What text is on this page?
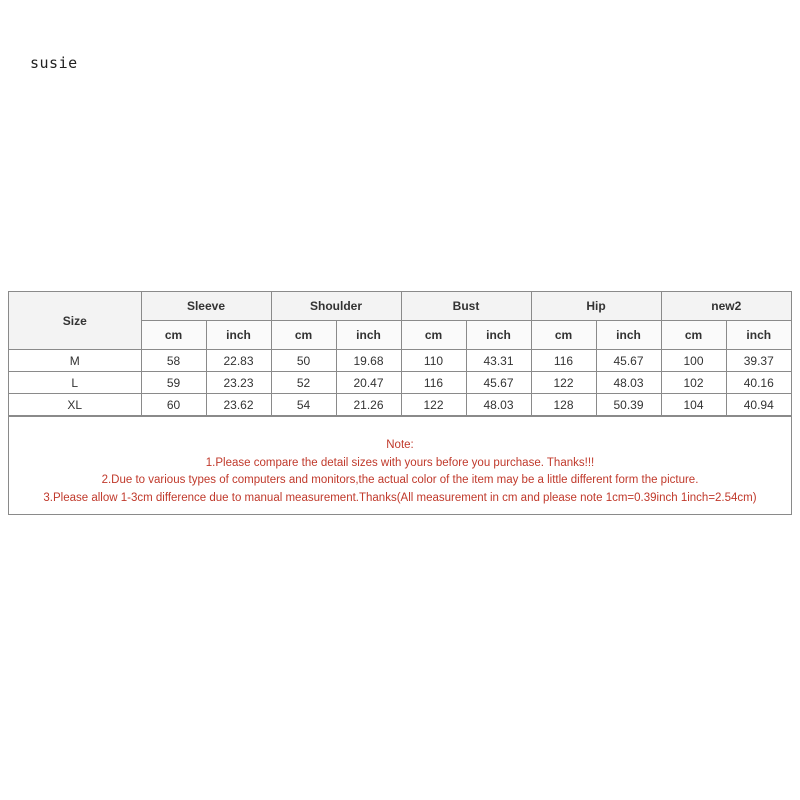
susie
Size	Sleeve		Shoulder		Bust		Hip		new2	
	cm	inch	cm	inch	cm	inch	cm	inch	cm	inch
M	58	22.83	50	19.68	110	43.31	116	45.67	100	39.37
L	59	23.23	52	20.47	116	45.67	122	48.03	102	40.16
XL	60	23.62	54	21.26	122	48.03	128	50.39	104	40.94
Note:
1.Please compare the detail sizes with yours before you purchase. Thanks!!!
2.Due to various types of computers and monitors,the actual color of the item may be a little different form the picture.
3.Please allow 1-3cm difference due to manual measurement.Thanks(All measurement in cm and please note 1cm=0.39inch 1inch=2.54cm)
